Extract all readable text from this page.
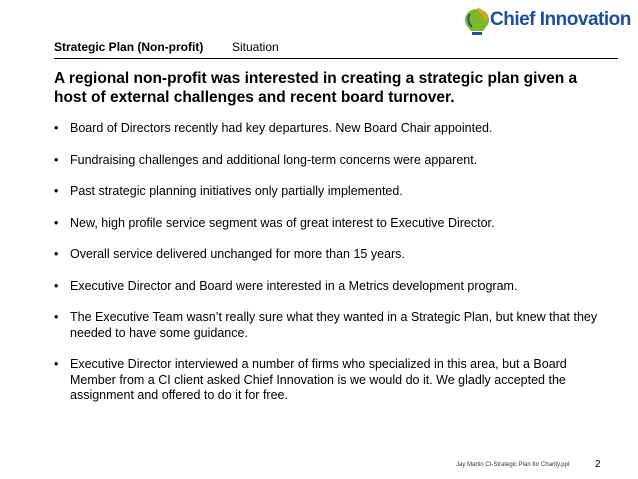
Strategic Plan (Non-profit) Situation
Chief Innovation
A regional non-profit was interested in creating a strategic plan given a host of external challenges and recent board turnover.
• Board of Directors recently had key departures. New Board Chair appointed.
• Fundraising challenges and additional long-term concerns were apparent.
• Past strategic planning initiatives only partially implemented.
• New, high profile service segment was of great interest to Executive Director.
• Overall service delivered unchanged for more than 15 years.
• Executive Director and Board were interested in a Metrics development program.
• The Executive Team wasn’t really sure what they wanted in a Strategic Plan, but knew that they needed to have some guidance.
• Executive Director interviewed a number of firms who specialized in this area, but a Board Member from a CI client asked Chief Innovation is we would do it. We gladly accepted the assignment and offered to do it for free.
Jay Martin CI-Strategic Plan for Charity.ppt	2
